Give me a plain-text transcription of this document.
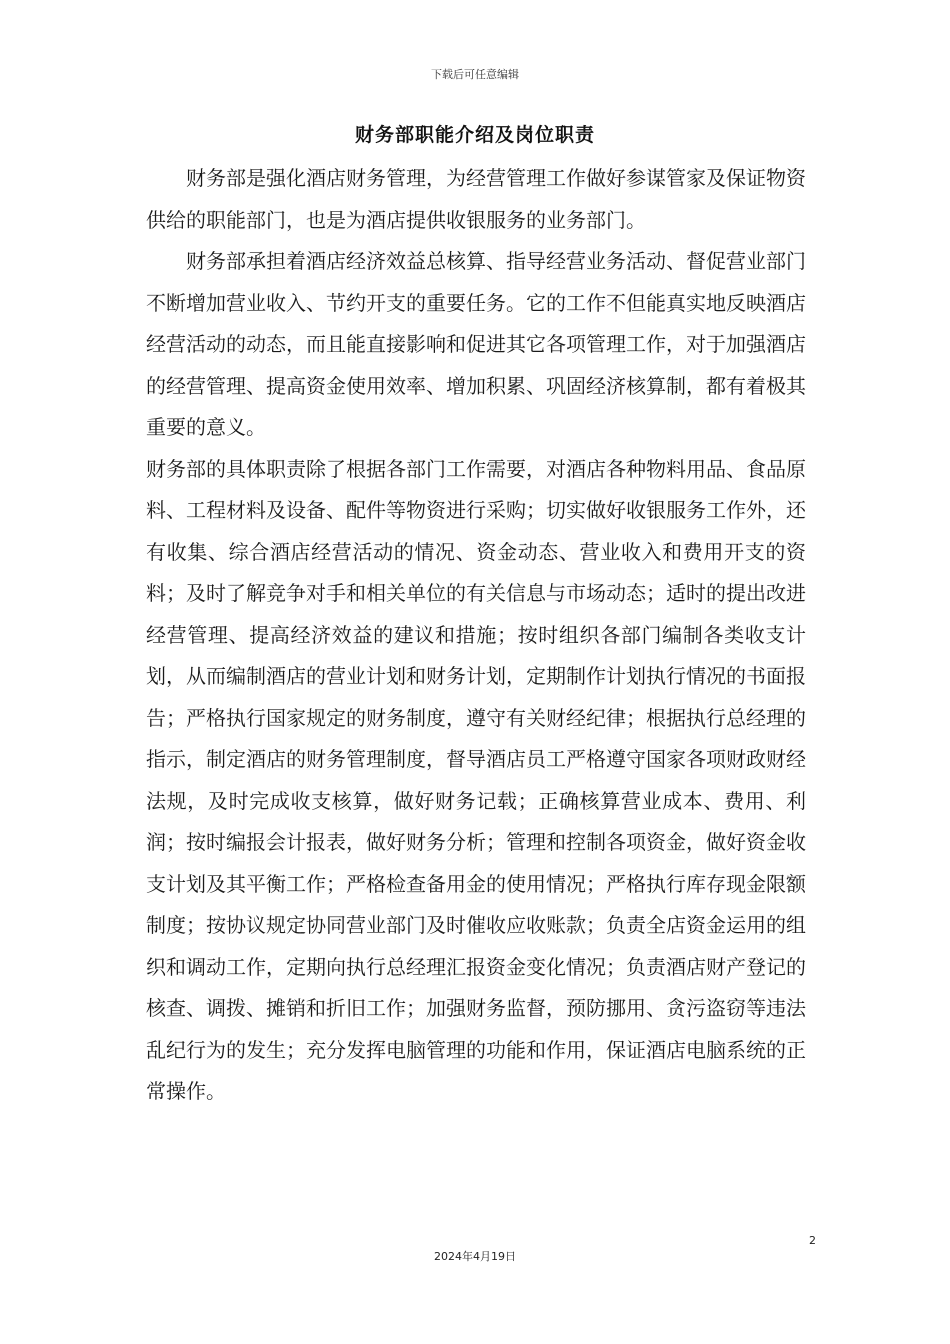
下载后可任意编辑
财务部职能介绍及岗位职责

财务部是强化酒店财务管理，为经营管理工作做好参谋管家及保证物资供给的职能部门，也是为酒店提供收银服务的业务部门。

财务部承担着酒店经济效益总核算、指导经营业务活动、督促营业部门不断增加营业收入、节约开支的重要任务。它的工作不但能真实地反映酒店经营活动的动态，而且能直接影响和促进其它各项管理工作，对于加强酒店的经营管理、提高资金使用效率、增加积累、巩固经济核算制，都有着极其重要的意义。

财务部的具体职责除了根据各部门工作需要，对酒店各种物料用品、食品原料、工程材料及设备、配件等物资进行采购；切实做好收银服务工作外，还有收集、综合酒店经营活动的情况、资金动态、营业收入和费用开支的资料；及时了解竞争对手和相关单位的有关信息与市场动态；适时的提出改进经营管理、提高经济效益的建议和措施；按时组织各部门编制各类收支计划，从而编制酒店的营业计划和财务计划，定期制作计划执行情况的书面报告；严格执行国家规定的财务制度，遵守有关财经纪律；根据执行总经理的指示，制定酒店的财务管理制度，督导酒店员工严格遵守国家各项财政财经法规，及时完成收支核算，做好财务记载；正确核算营业成本、费用、利润；按时编报会计报表，做好财务分析；管理和控制各项资金，做好资金收支计划及其平衡工作；严格检查备用金的使用情况；严格执行库存现金限额制度；按协议规定协同营业部门及时催收应收账款；负责全店资金运用的组织和调动工作，定期向执行总经理汇报资金变化情况；负责酒店财产登记的核查、调拨、摊销和折旧工作；加强财务监督，预防挪用、贪污盗窃等违法乱纪行为的发生；充分发挥电脑管理的功能和作用，保证酒店电脑系统的正常操作。

2
2024年4月19日
